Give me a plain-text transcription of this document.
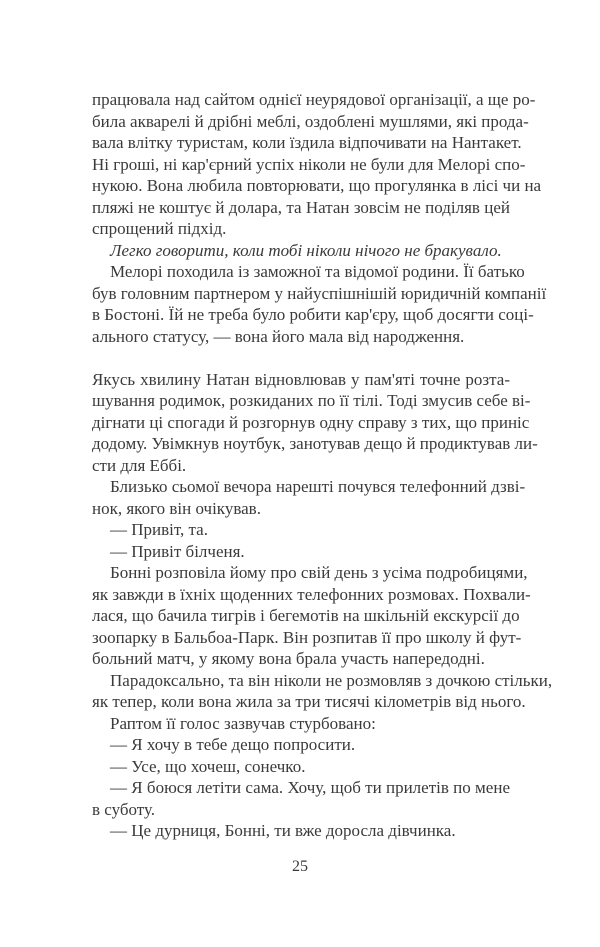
працювала над сайтом однієї неурядової організації, а ще ро-
била акварелі й дрібні меблі, оздоблені мушлями, які прода-
вала влітку туристам, коли їздила відпочивати на Нантакет.
Ні гроші, ні кар'єрний успіх ніколи не були для Мелорі спо-
нукою. Вона любила повторювати, що прогулянка в лісі чи на
пляжі не коштує й долара, та Натан зовсім не поділяв цей
спрощений підхід.
Легко говорити, коли тобі ніколи нічого не бракувало.
Мелорі походила із заможної та відомої родини. Її батько
був головним партнером у найуспішнішій юридичній компанії
в Бостоні. Їй не треба було робити кар'єру, щоб досягти соці-
ального статусу, — вона його мала від народження.
Якусь хвилину Натан відновлював у пам'яті точне розта-
шування родимок, розкиданих по її тілі. Тоді змусив себе ві-
дігнати ці спогади й розгорнув одну справу з тих, що приніс
додому. Увімкнув ноутбук, занотував дещо й продиктував ли-
сти для Еббі.
Близько сьомої вечора нарешті почувся телефонний дзві-
нок, якого він очікував.
— Привіт, та.
— Привіт білченя.
Бонні розповіла йому про свій день з усіма подробицями,
як завжди в їхніх щоденних телефонних розмовах. Похвали-
лася, що бачила тигрів і бегемотів на шкільній екскурсії до
зоопарку в Бальбоа-Парк. Він розпитав її про школу й фут-
больний матч, у якому вона брала участь напередодні.
Парадоксально, та він ніколи не розмовляв з дочкою стільки,
як тепер, коли вона жила за три тисячі кілометрів від нього.
Раптом її голос зазвучав стурбовано:
— Я хочу в тебе дещо попросити.
— Усе, що хочеш, сонечко.
— Я боюся летіти сама. Хочу, щоб ти прилетів по мене
в суботу.
— Це дурниця, Бонні, ти вже доросла дівчинка.
25
